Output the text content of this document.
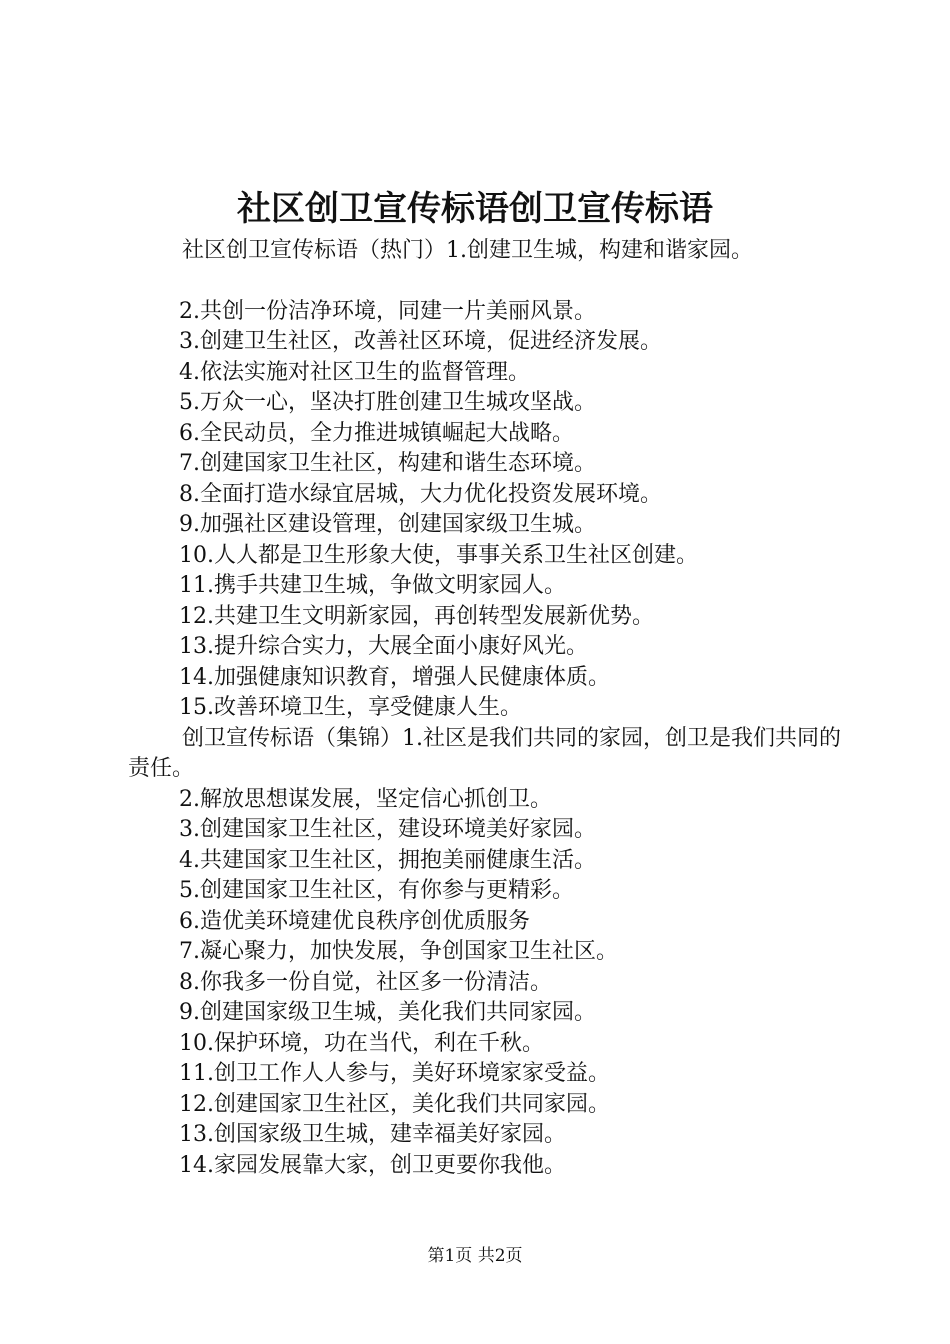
社区创卫宣传标语创卫宣传标语

社区创卫宣传标语（热门）1.创建卫生城，构建和谐家园。

2.共创一份洁净环境，同建一片美丽风景。

3.创建卫生社区，改善社区环境，促进经济发展。

4.依法实施对社区卫生的监督管理。

5.万众一心，坚决打胜创建卫生城攻坚战。

6.全民动员，全力推进城镇崛起大战略。

7.创建国家卫生社区，构建和谐生态环境。

8.全面打造水绿宜居城，大力优化投资发展环境。

9.加强社区建设管理，创建国家级卫生城。

10.人人都是卫生形象大使，事事关系卫生社区创建。

11.携手共建卫生城，争做文明家园人。

12.共建卫生文明新家园，再创转型发展新优势。

13.提升综合实力，大展全面小康好风光。

14.加强健康知识教育，增强人民健康体质。

15.改善环境卫生，享受健康人生。

创卫宣传标语（集锦）1.社区是我们共同的家园，创卫是我们共同的责任。

2.解放思想谋发展，坚定信心抓创卫。

3.创建国家卫生社区，建设环境美好家园。

4.共建国家卫生社区，拥抱美丽健康生活。

5.创建国家卫生社区，有你参与更精彩。

6.造优美环境建优良秩序创优质服务

7.凝心聚力，加快发展，争创国家卫生社区。

8.你我多一份自觉，社区多一份清洁。

9.创建国家级卫生城，美化我们共同家园。

10.保护环境，功在当代，利在千秋。

11.创卫工作人人参与，美好环境家家受益。

12.创建国家卫生社区，美化我们共同家园。

13.创国家级卫生城，建幸福美好家园。

14.家园发展靠大家，创卫更要你我他。

第1页 共2页
